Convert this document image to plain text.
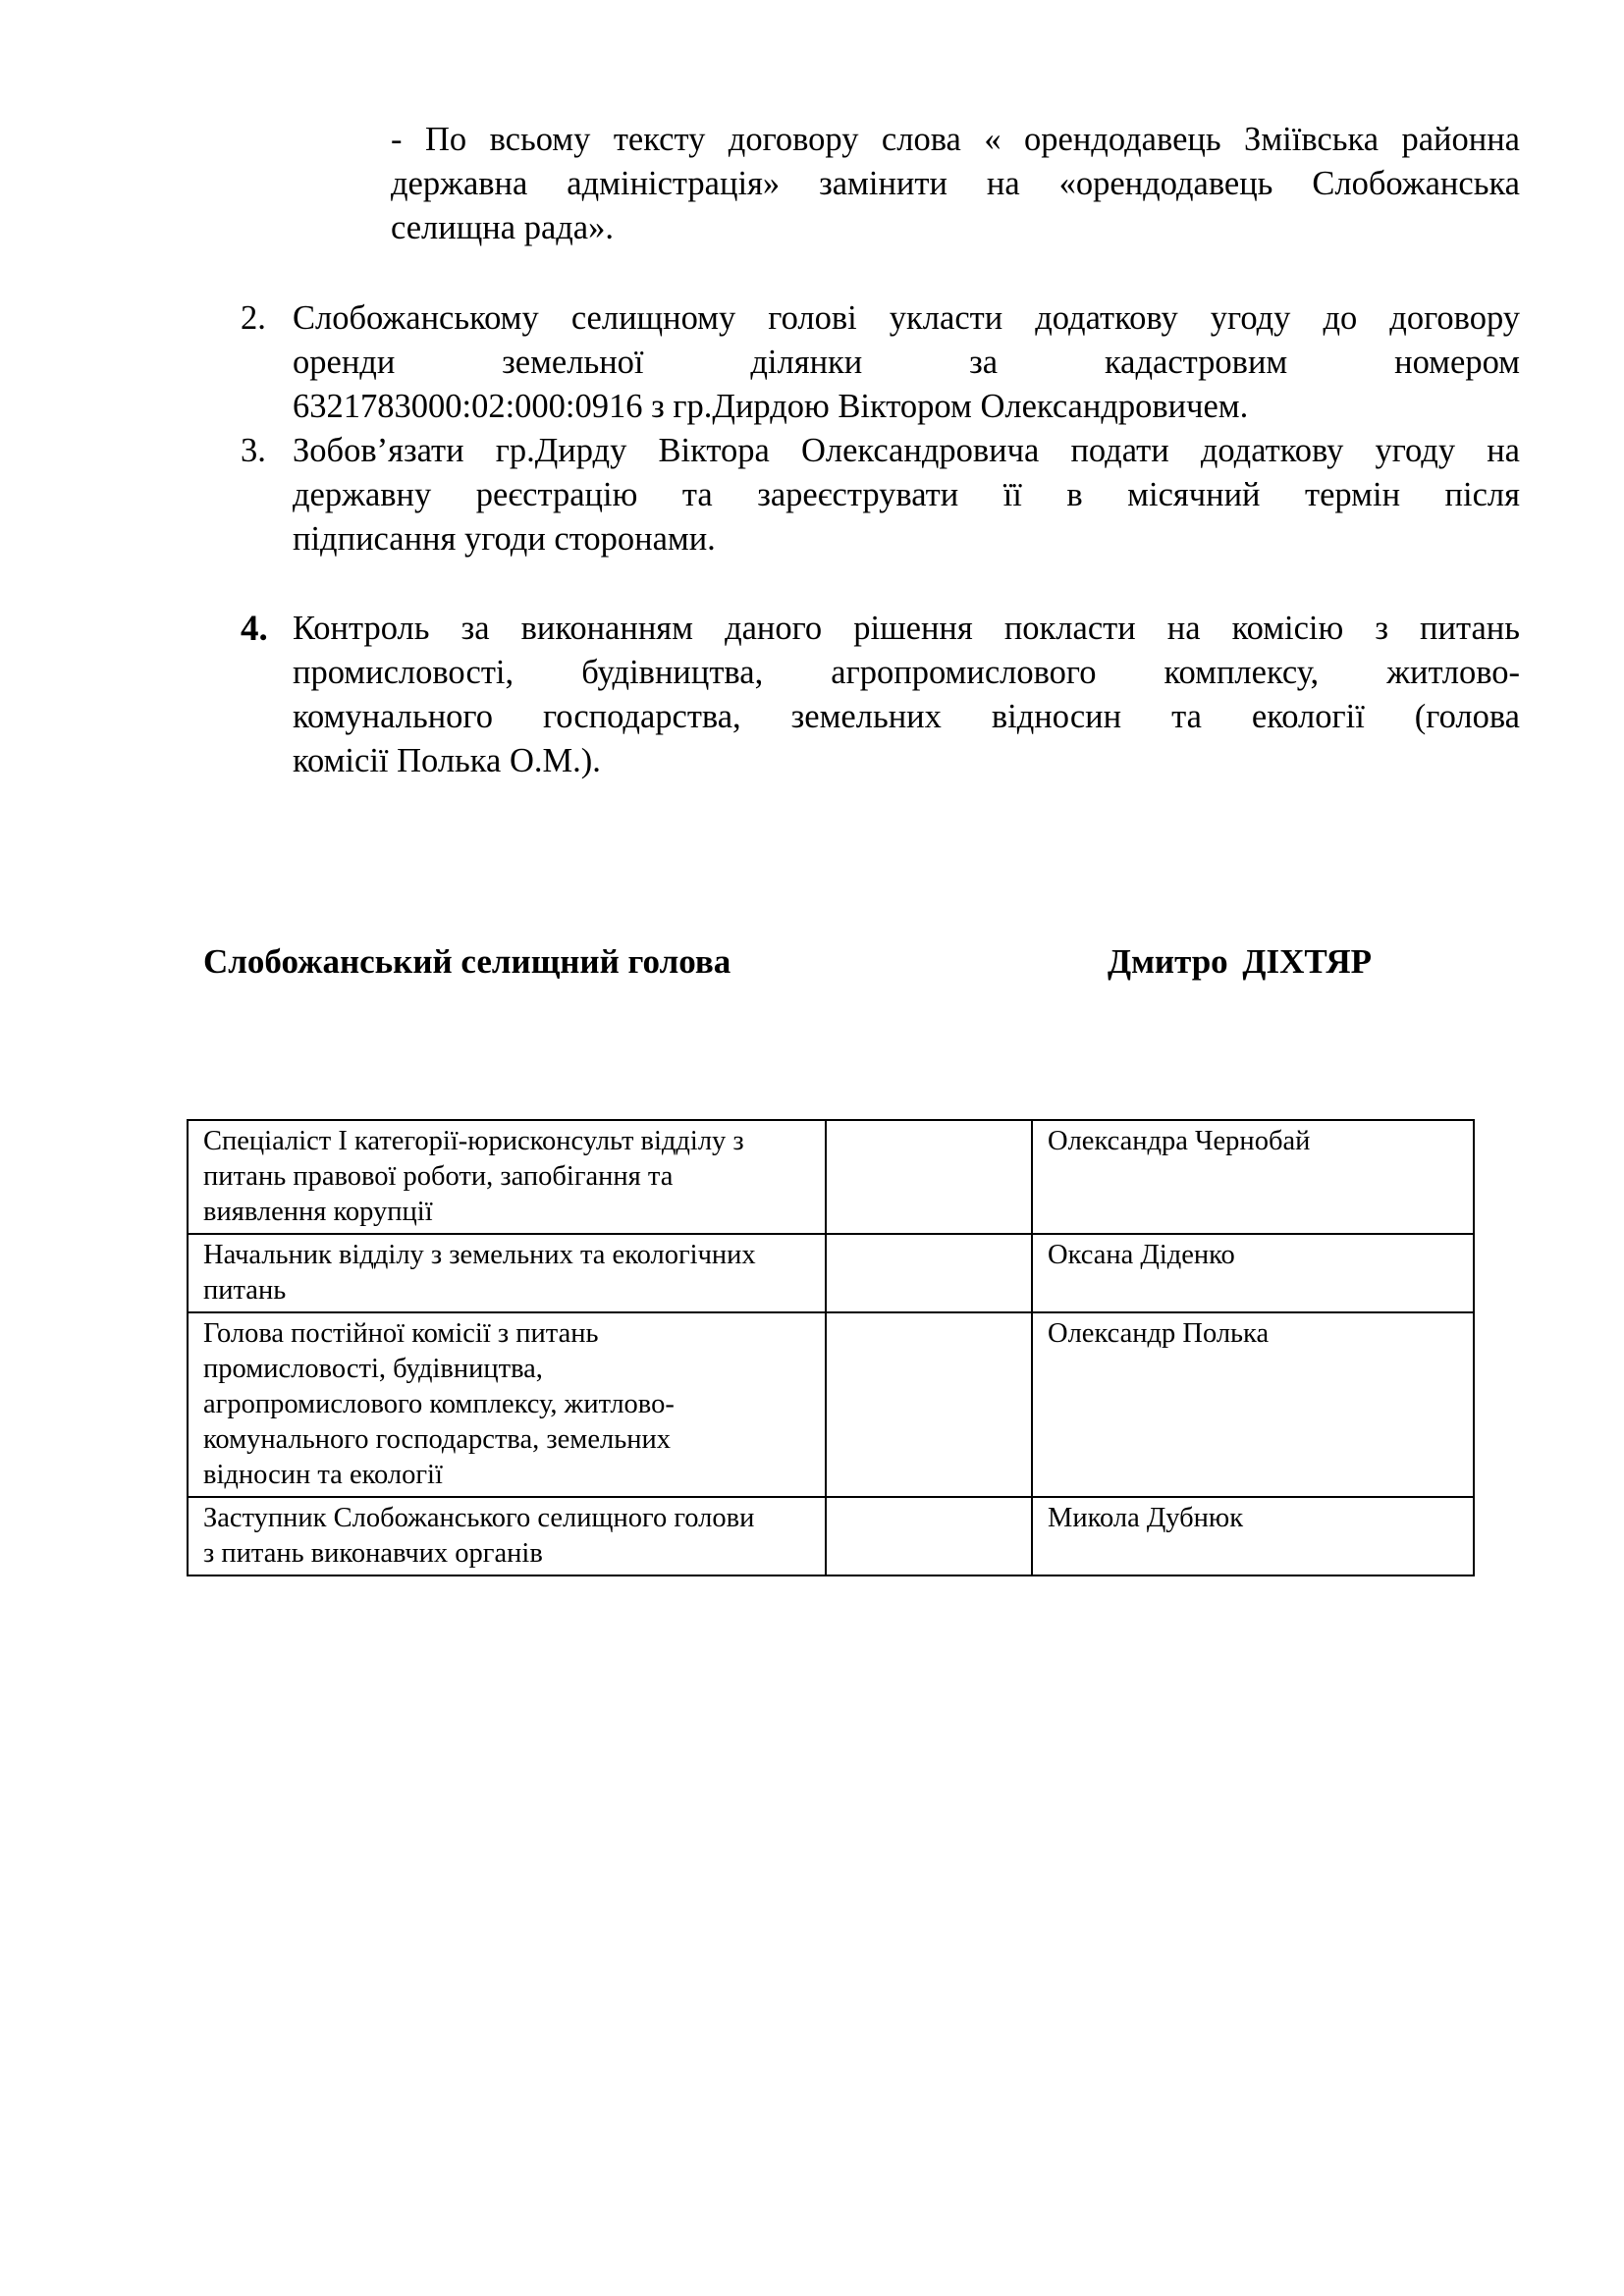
- По всьому тексту договору слова « орендодавець Зміївська районна
державна адміністрація» замінити на «орендодавець Слобожанська
селищна рада».
2. Слобожанському селищному голові укласти додаткову угоду до договору
оренди земельної ділянки за кадастровим номером
6321783000:02:000:0916 з гр.Дирдою Віктором Олександровичем.
3. Зобов’язати гр.Дирду Віктора Олександровича подати додаткову угоду на
державну реєстрацію та зареєструвати її в місячний термін після
підписання угоди сторонами.
4. Контроль за виконанням даного рішення покласти на комісію з питань
промисловості, будівництва, агропромислового комплексу, житлово-
комунального господарства, земельних відносин та екології (голова
комісії Полька О.М.).
Слобожанський селищний голова	Дмитро ДІХТЯР
Спеціаліст І категорії-юрисконсульт відділу з
питань правової роботи, запобігання та
виявлення корупції		Олександра Чернобай

Начальник відділу з земельних та екологічних
питань		Оксана Діденко

Голова постійної комісії з питань
промисловості, будівництва,
агропромислового комплексу, житлово-
комунального господарства, земельних
відносин та екології		Олександр Полька

Заступник Слобожанського селищного голови
з питань виконавчих органів		Микола Дубнюк
